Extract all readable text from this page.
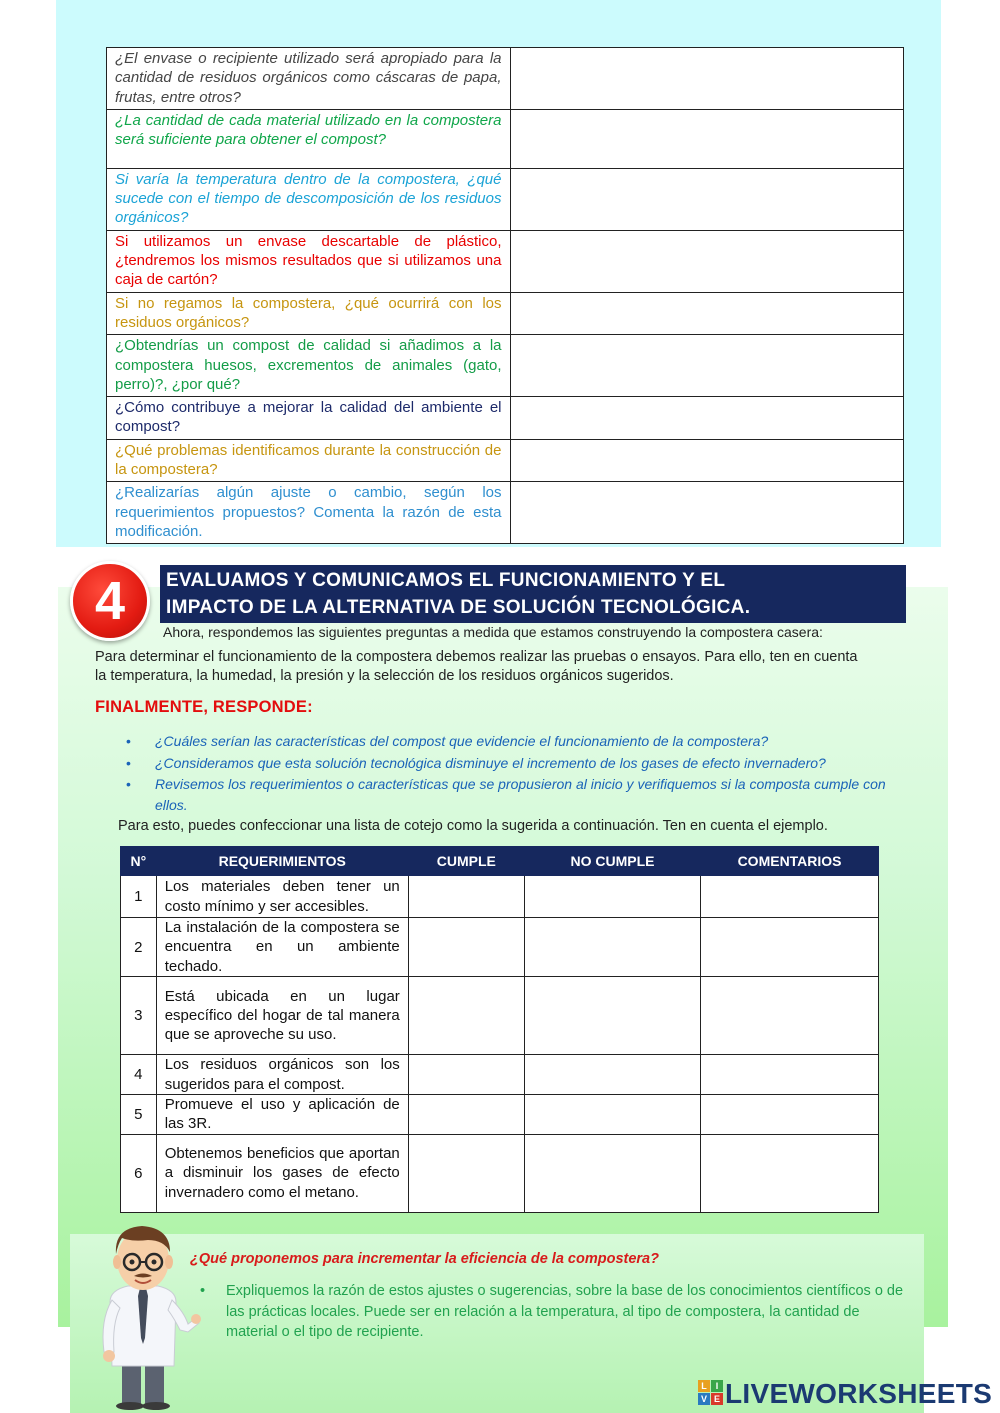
¿El envase o recipiente utilizado será apropiado para la cantidad de residuos orgánicos como cáscaras de papa, frutas, entre otros?	
¿La cantidad de cada material utilizado en la compostera será suficiente para obtener el compost?	
Si varía la temperatura dentro de la compostera, ¿qué sucede con el tiempo de descomposición de los residuos orgánicos?	
Si utilizamos un envase descartable de plástico, ¿tendremos los mismos resultados que si utilizamos una caja de cartón?	
Si no regamos la compostera, ¿qué ocurrirá con los residuos orgánicos?	
¿Obtendrías un compost de calidad si añadimos a la compostera huesos, excrementos de animales (gato, perro)?, ¿por qué?	
¿Cómo contribuye a mejorar la calidad del ambiente el compost?	
¿Qué problemas identificamos durante la construcción de la compostera?	
¿Realizarías algún ajuste o cambio, según los requerimientos propuestos? Comenta la razón de esta modificación.	
4	EVALUAMOS Y COMUNICAMOS EL FUNCIONAMIENTO Y EL
IMPACTO DE LA ALTERNATIVA DE SOLUCIÓN TECNOLÓGICA.
Ahora, respondemos las siguientes preguntas a medida que estamos construyendo la compostera casera:
Para determinar el funcionamiento de la compostera debemos realizar las pruebas o ensayos. Para ello, ten en cuenta
la temperatura, la humedad, la presión y la selección de los residuos orgánicos sugeridos.
FINALMENTE, RESPONDE:
• ¿Cuáles serían las características del compost que evidencie el funcionamiento de la compostera?
• ¿Consideramos que esta solución tecnológica disminuye el incremento de los gases de efecto invernadero?
• Revisemos los requerimientos o características que se propusieron al inicio y verifiquemos si la composta cumple con ellos.
Para esto, puedes confeccionar una lista de cotejo como la sugerida a continuación. Ten en cuenta el ejemplo.
N°	REQUERIMIENTOS	CUMPLE	NO CUMPLE	COMENTARIOS
1	Los materiales deben tener un costo mínimo y ser accesibles.			
2	La instalación de la compostera se encuentra en un ambiente techado.			
3	Está ubicada en un lugar específico del hogar de tal manera que se aproveche su uso.			
4	Los residuos orgánicos son los sugeridos para el compost.			
5	Promueve el uso y aplicación de las 3R.			
6	Obtenemos beneficios que aportan a disminuir los gases de efecto invernadero como el metano.			
¿Qué proponemos para incrementar la eficiencia de la compostera?
•	Expliquemos la razón de estos ajustes o sugerencias, sobre la base de los conocimientos científicos o de las prácticas locales. Puede ser en relación a la temperatura, al tipo de compostera, la cantidad de material o el tipo de recipiente.
L I
V E LIVEWORKSHEETS
